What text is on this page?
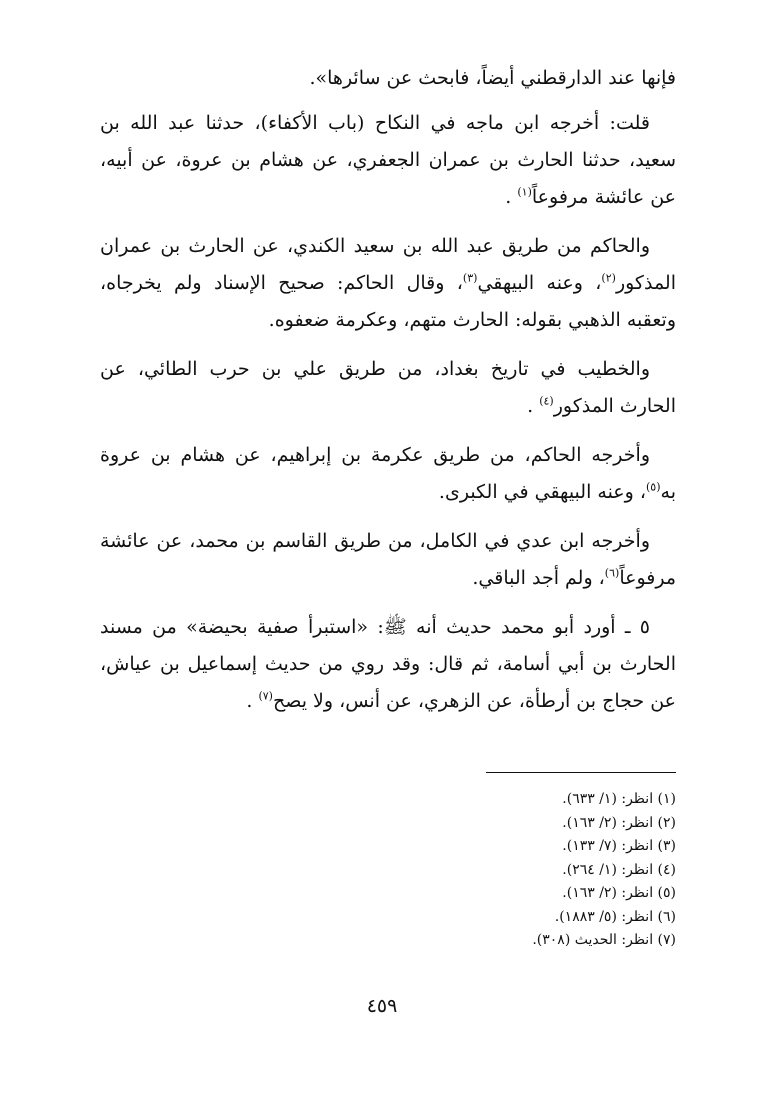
فإنها عند الدارقطني أيضاً، فابحث عن سائرها».

قلت: أخرجه ابن ماجه في النكاح (باب الأكفاء)، حدثنا عبد الله بن سعيد، حدثنا الحارث بن عمران الجعفري، عن هشام بن عروة، عن أبيه، عن عائشة مرفوعاً$^{(١)}$ .

والحاكم من طريق عبد الله بن سعيد الكندي، عن الحارث بن عمران المذكور$^{(٢)}$، وعنه البيهقي$^{(٣)}$، وقال الحاكم: صحيح الإسناد ولم يخرجاه، وتعقبه الذهبي بقوله: الحارث متهم، وعكرمة ضعفوه.

والخطيب في تاريخ بغداد، من طريق علي بن حرب الطائي، عن الحارث المذكور$^{(٤)}$ .

وأخرجه الحاكم، من طريق عكرمة بن إبراهيم، عن هشام بن عروة به$^{(٥)}$، وعنه البيهقي في الكبرى.

وأخرجه ابن عدي في الكامل، من طريق القاسم بن محمد، عن عائشة مرفوعاً$^{(٦)}$، ولم أجد الباقي.

٥ ـ أورد أبو محمد حديث أنه ﷺ: «استبرأ صفية بحيضة» من مسند الحارث بن أبي أسامة، ثم قال: وقد روي من حديث إسماعيل بن عياش، عن حجاج بن أرطأة، عن الزهري، عن أنس، ولا يصح$^{(٧)}$ .

(١) انظر: (١/ ٦٣٣).
(٢) انظر: (٢/ ١٦٣).
(٣) انظر: (٧/ ١٣٣).
(٤) انظر: (١/ ٢٦٤).
(٥) انظر: (٢/ ١٦٣).
(٦) انظر: (٥/ ١٨٨٣).
(٧) انظر: الحديث (٣٠٨).
٤٥٩
